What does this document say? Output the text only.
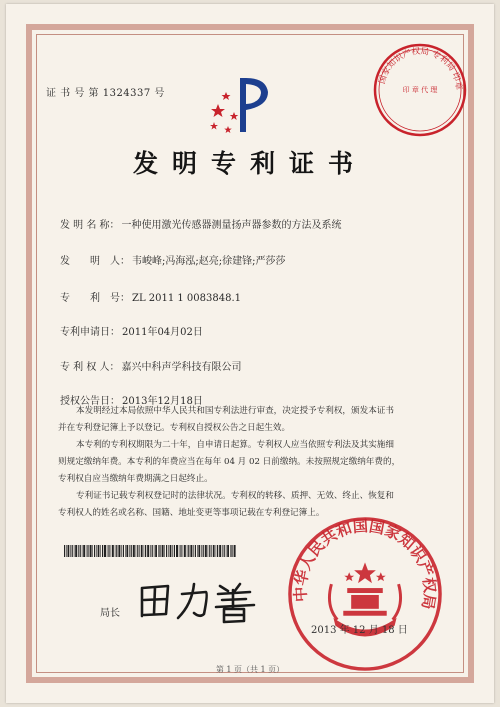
证 书 号 第 1324337 号
国家知识产权局 专利局 印章
印 章 代 理
发明专利证书
发 明 名 称： 一种使用激光传感器测量扬声器参数的方法及系统
发　　明　人： 韦峻峰;冯海泓;赵亮;徐建锋;严莎莎
专　　利　号： ZL 2011 1 0083848.1
专利申请日： 2011年04月02日
专 利 权 人： 嘉兴中科声学科技有限公司
授权公告日： 2013年12月18日
本发明经过本局依照中华人民共和国专利法进行审查，决定授予专利权，颁发本证书
并在专利登记簿上予以登记。专利权自授权公告之日起生效。
本专利的专利权期限为二十年，自申请日起算。专利权人应当依照专利法及其实施细
则规定缴纳年费。本专利的年费应当在每年 04 月 02 日前缴纳。未按照规定缴纳年费的，
专利权自应当缴纳年费期满之日起终止。
专利证书记载专利权登记时的法律状况。专利权的转移、质押、无效、终止、恢复和
专利权人的姓名或名称、国籍、地址变更等事项记载在专利登记簿上。
局长
中华人民共和国国家知识产权局
2013 年 12 月 18 日
第 1 页（共 1 页）
